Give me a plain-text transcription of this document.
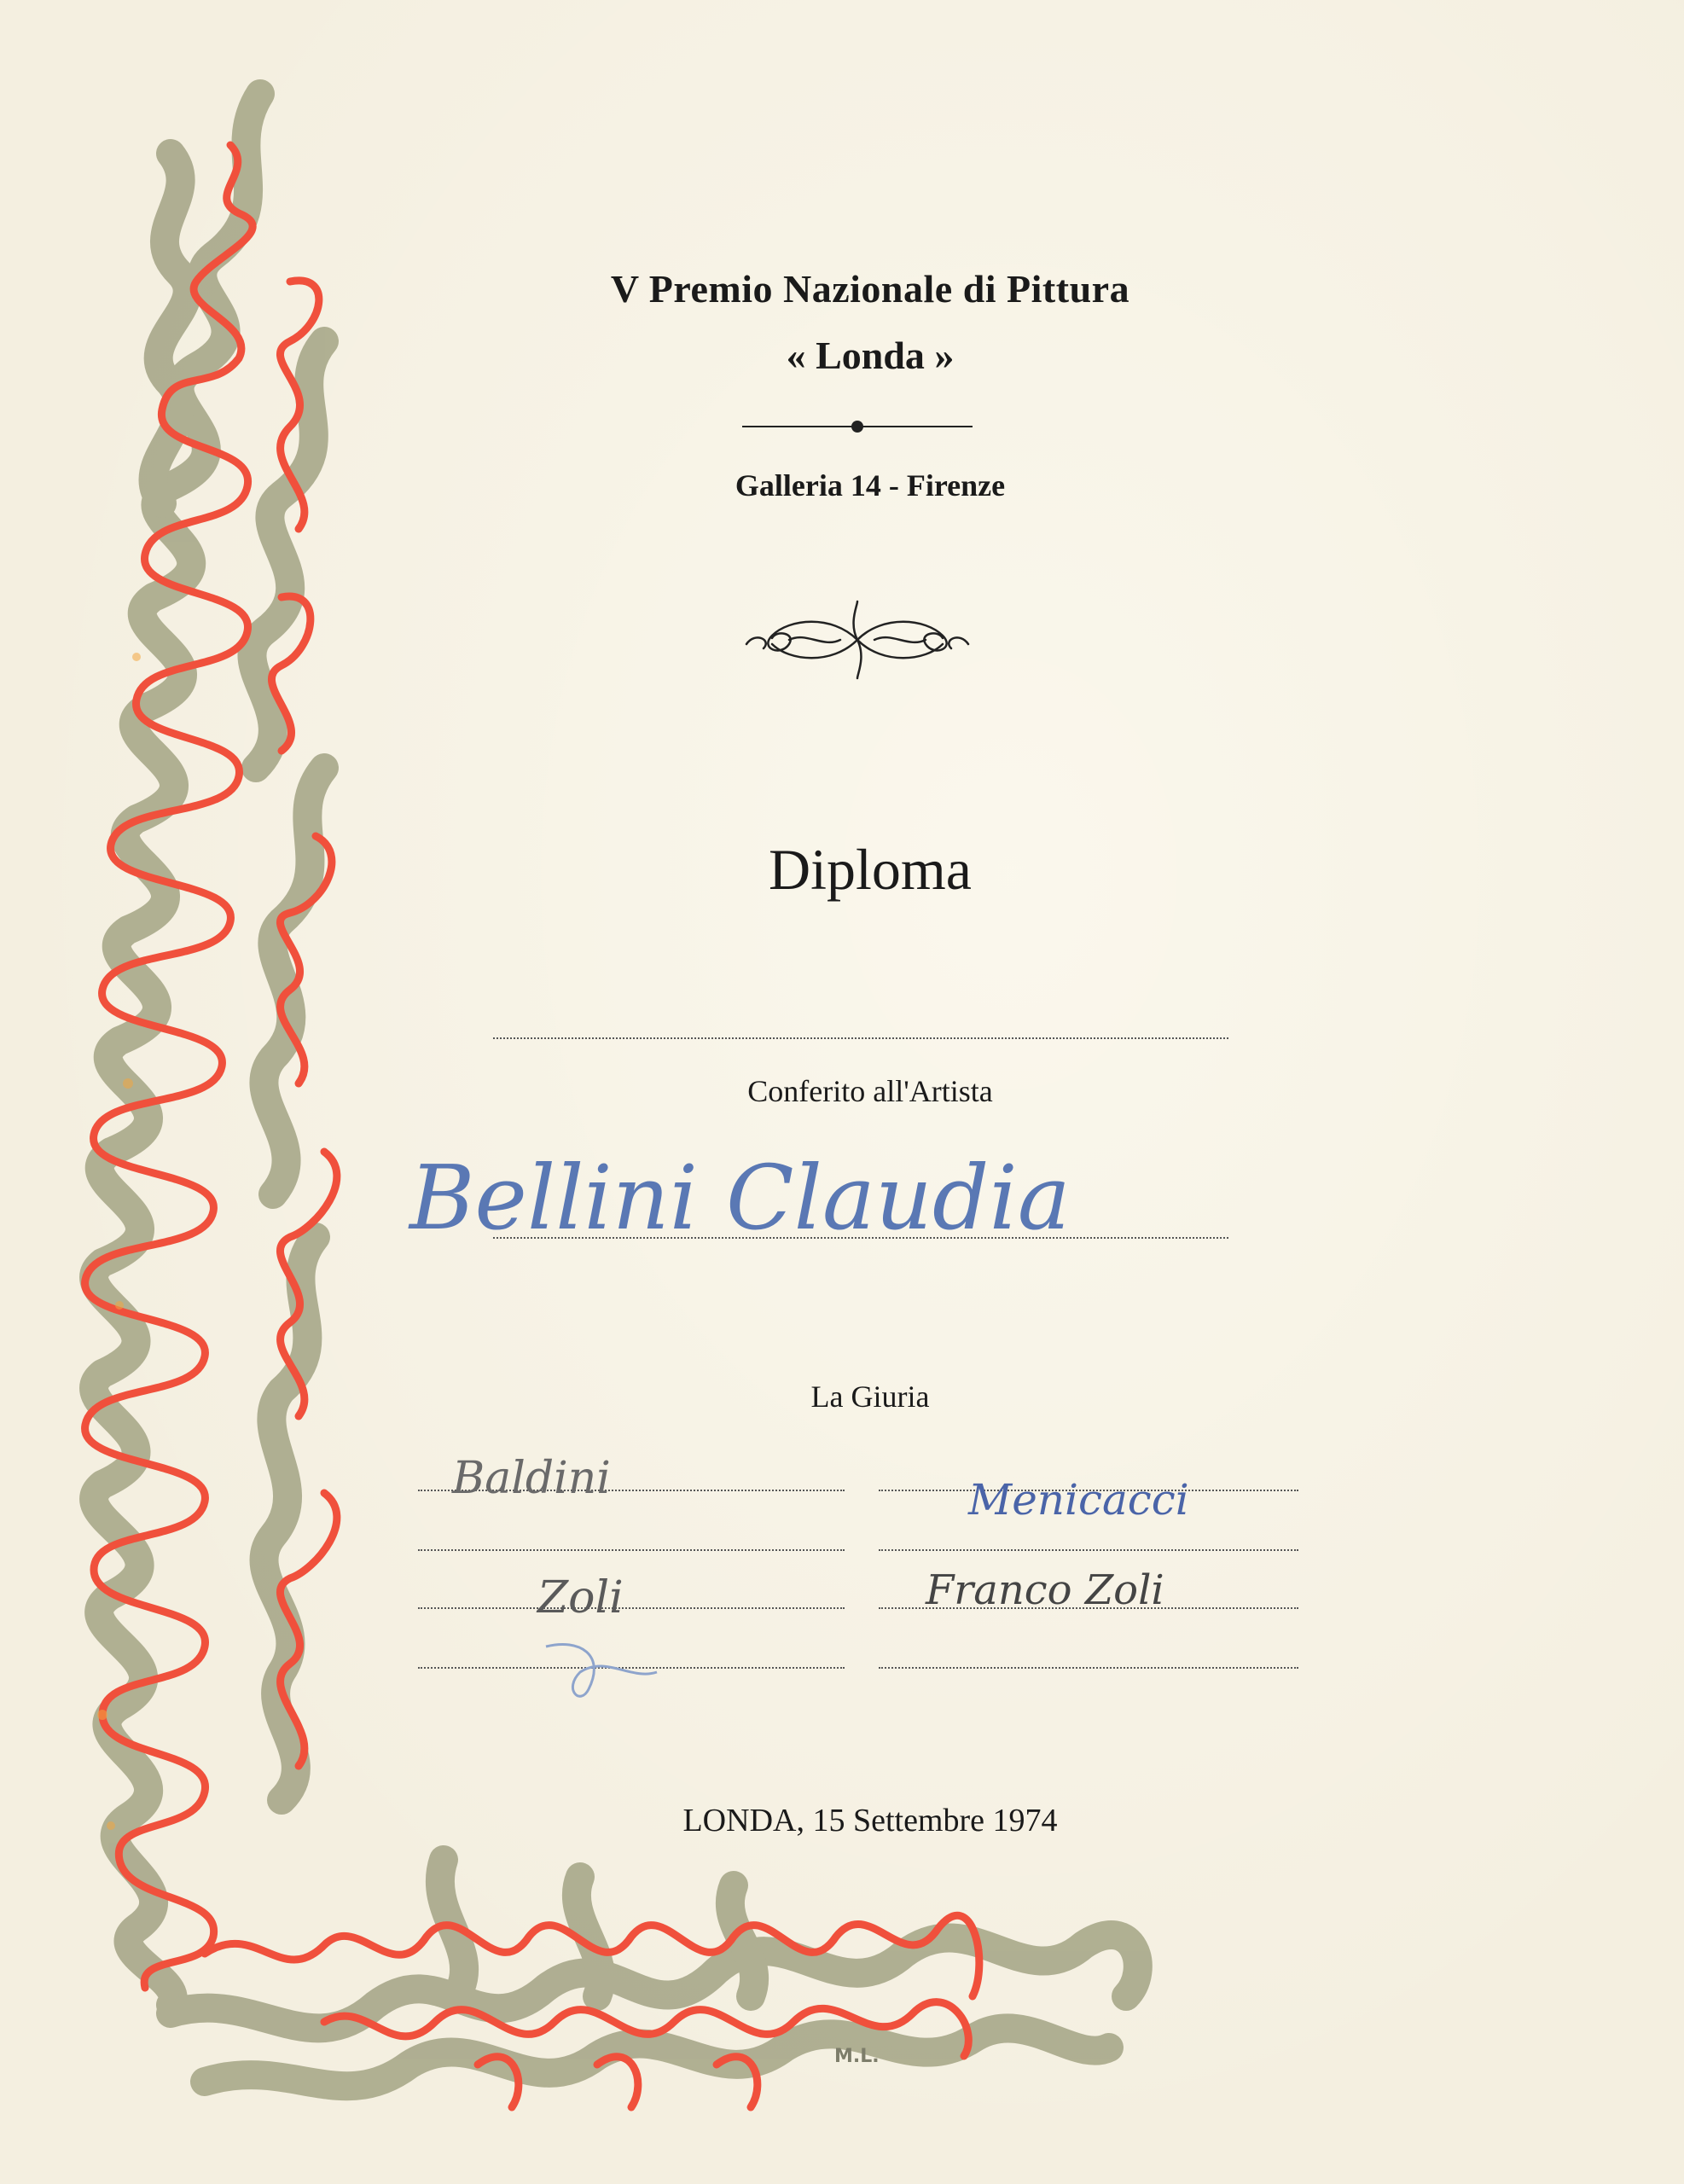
V Premio Nazionale di Pittura
« Londa »
Galleria 14 - Firenze
Diploma
Conferito all'Artista
Bellini Claudia
La Giuria
Baldini	Menicacci
Zoli	Franco Zoli
LONDA, 15 Settembre 1974
M.L.
